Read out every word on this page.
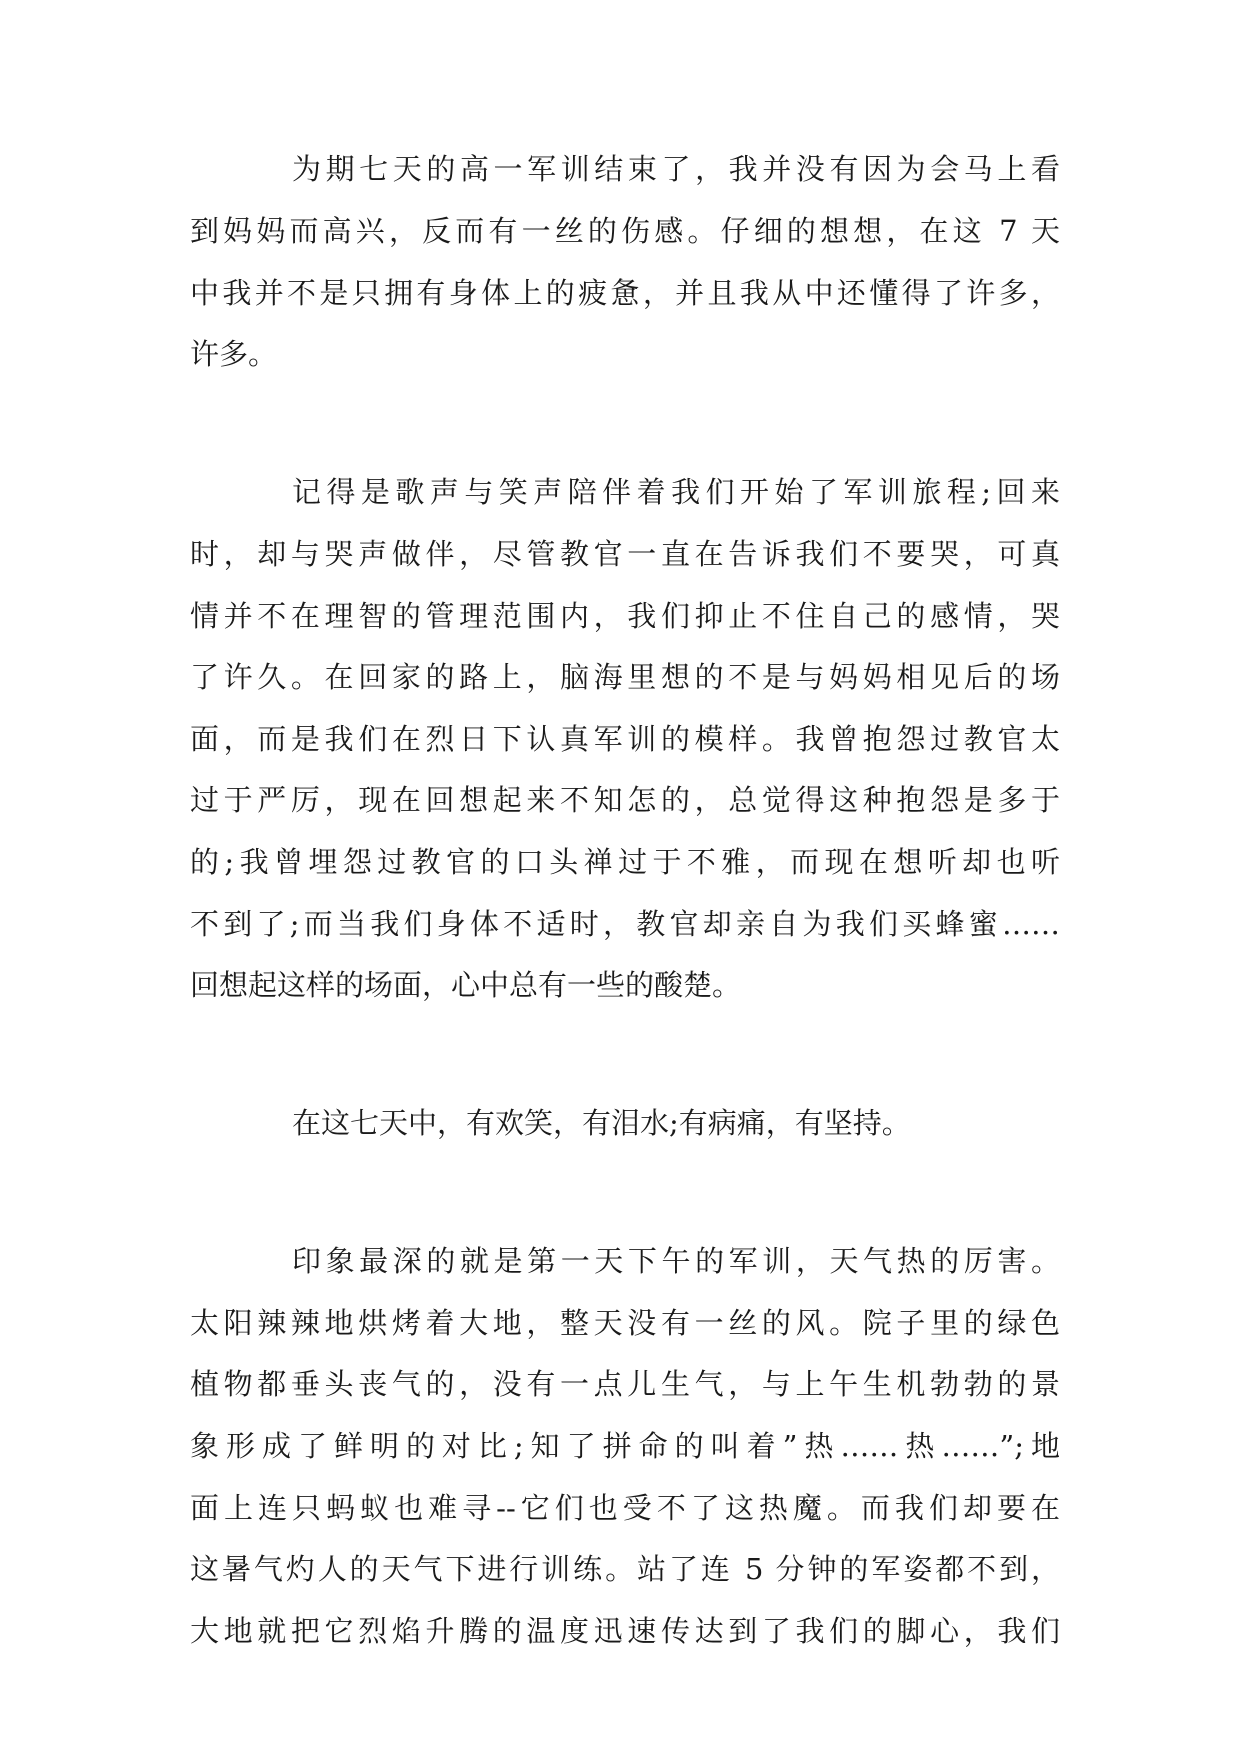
为期七天的高一军训结束了，我并没有因为会马上看
到妈妈而高兴，反而有一丝的伤感。仔细的想想，在这 7 天
中我并不是只拥有身体上的疲惫，并且我从中还懂得了许多，
许多。
记得是歌声与笑声陪伴着我们开始了军训旅程;回来
时，却与哭声做伴，尽管教官一直在告诉我们不要哭，可真
情并不在理智的管理范围内，我们抑止不住自己的感情，哭
了许久。在回家的路上，脑海里想的不是与妈妈相见后的场
面，而是我们在烈日下认真军训的模样。我曾抱怨过教官太
过于严厉，现在回想起来不知怎的，总觉得这种抱怨是多于
的;我曾埋怨过教官的口头禅过于不雅，而现在想听却也听
不到了;而当我们身体不适时，教官却亲自为我们买蜂蜜……
回想起这样的场面，心中总有一些的酸楚。
在这七天中，有欢笑，有泪水;有病痛，有坚持。
印象最深的就是第一天下午的军训，天气热的厉害。
太阳辣辣地烘烤着大地，整天没有一丝的风。院子里的绿色
植物都垂头丧气的，没有一点儿生气，与上午生机勃勃的景
象形成了鲜明的对比;知了拼命的叫着”热……热……”;地
面上连只蚂蚁也难寻--它们也受不了这热魔。而我们却要在
这暑气灼人的天气下进行训练。站了连 5 分钟的军姿都不到，
大地就把它烈焰升腾的温度迅速传达到了我们的脚心，我们
